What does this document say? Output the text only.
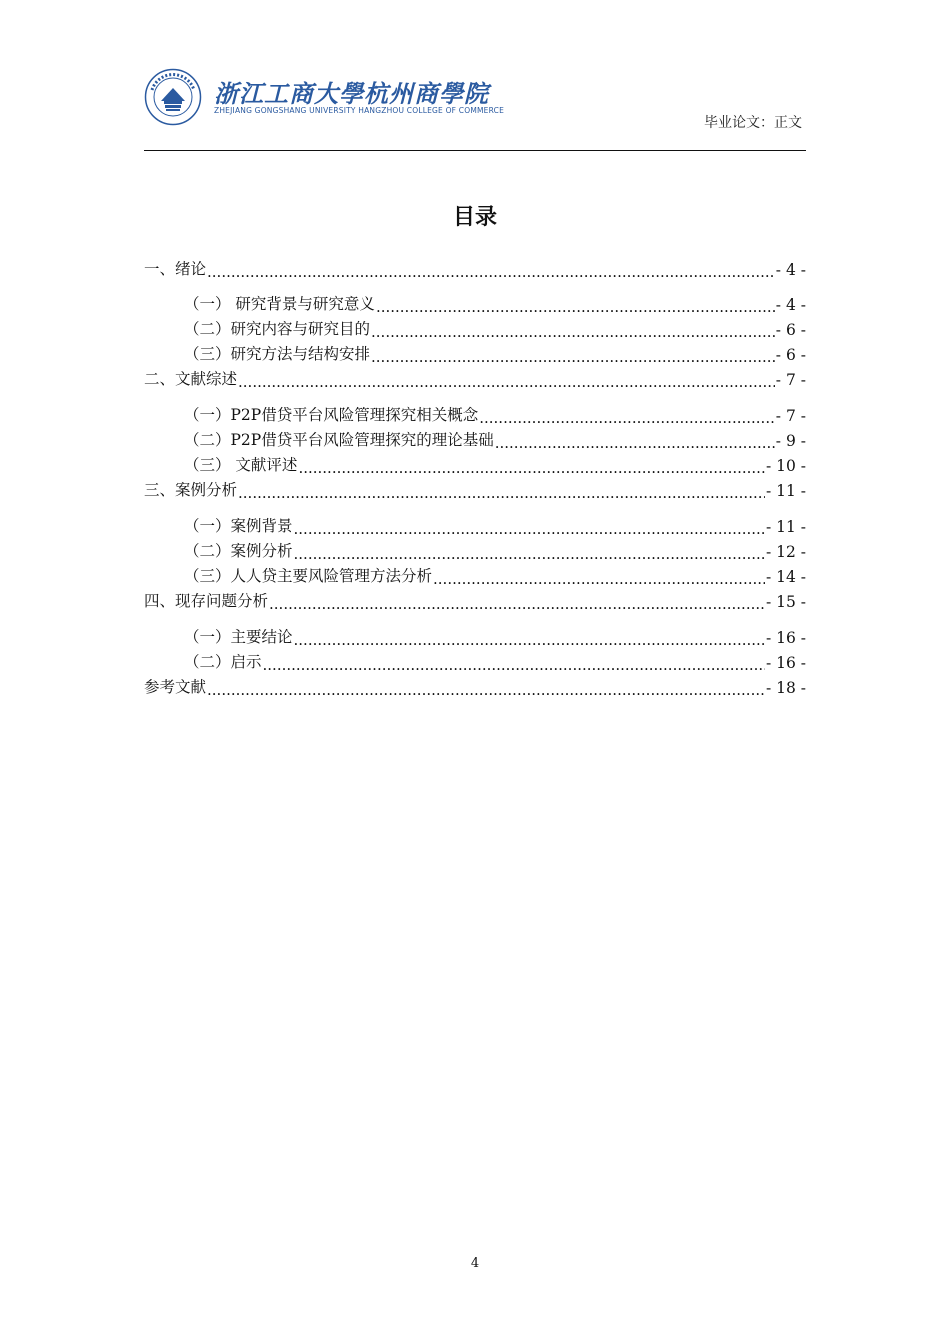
浙江工商大學杭州商學院
ZHEJIANG GONGSHANG UNIVERSITY HANGZHOU COLLEGE OF COMMERCE
毕业论文：正文
目录
一、绪论 .....	- 4 -
（一） 研究背景与研究意义 .....	- 4 -
（二）研究内容与研究目的 .....	- 6 -
（三）研究方法与结构安排 .....	- 6 -
二、文献综述 .....	- 7 -
（一）P2P借贷平台风险管理探究相关概念 .....	- 7 -
（二）P2P借贷平台风险管理探究的理论基础 .....	- 9 -
（三） 文献评述 .....	- 10 -
三、案例分析 .....	- 11 -
（一）案例背景 .....	- 11 -
（二）案例分析 .....	- 12 -
（三）人人贷主要风险管理方法分析 .....	- 14 -
四、现存问题分析 .....	- 15 -
（一）主要结论 .....	- 16 -
（二）启示 .....	- 16 -
参考文献 .....	- 18 -
4
